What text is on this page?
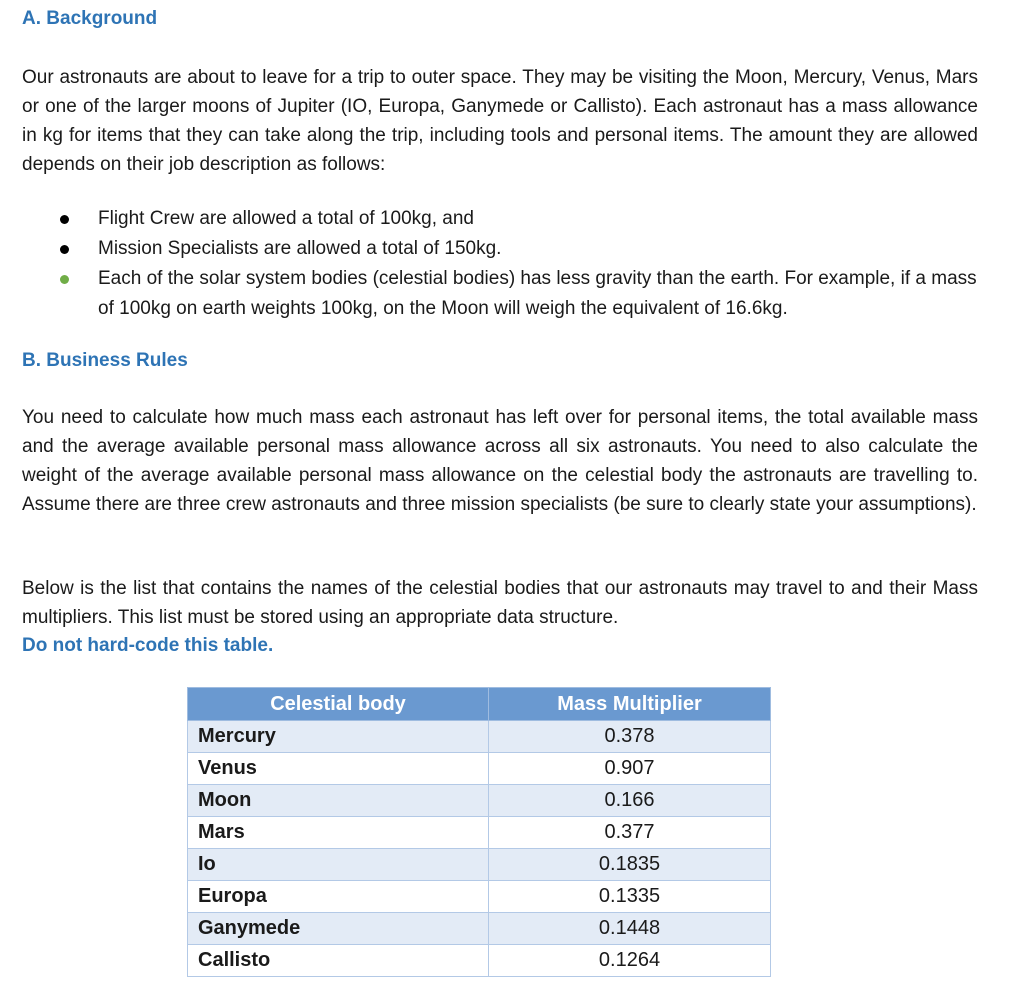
A. Background

Our astronauts are about to leave for a trip to outer space. They may be visiting the Moon, Mercury, Venus, Mars or one of the larger moons of Jupiter (IO, Europa, Ganymede or Callisto). Each astronaut has a mass allowance in kg for items that they can take along the trip, including tools and personal items. The amount they are allowed depends on their job description as follows:

Flight Crew are allowed a total of 100kg, and
Mission Specialists are allowed a total of 150kg.
Each of the solar system bodies (celestial bodies) has less gravity than the earth. For example, if a mass of 100kg on earth weights 100kg, on the Moon will weigh the equivalent of 16.6kg.
B. Business Rules

You need to calculate how much mass each astronaut has left over for personal items, the total available mass and the average available personal mass allowance across all six astronauts. You need to also calculate the weight of the average available personal mass allowance on the celestial body the astronauts are travelling to. Assume there are three crew astronauts and three mission specialists (be sure to clearly state your assumptions).

Below is the list that contains the names of the celestial bodies that our astronauts may travel to and their Mass multipliers. This list must be stored using an appropriate data structure.

Do not hard-code this table.
Celestial body	Mass Multiplier
Mercury	0.378
Venus	0.907
Moon	0.166
Mars	0.377
Io	0.1835
Europa	0.1335
Ganymede	0.1448
Callisto	0.1264
